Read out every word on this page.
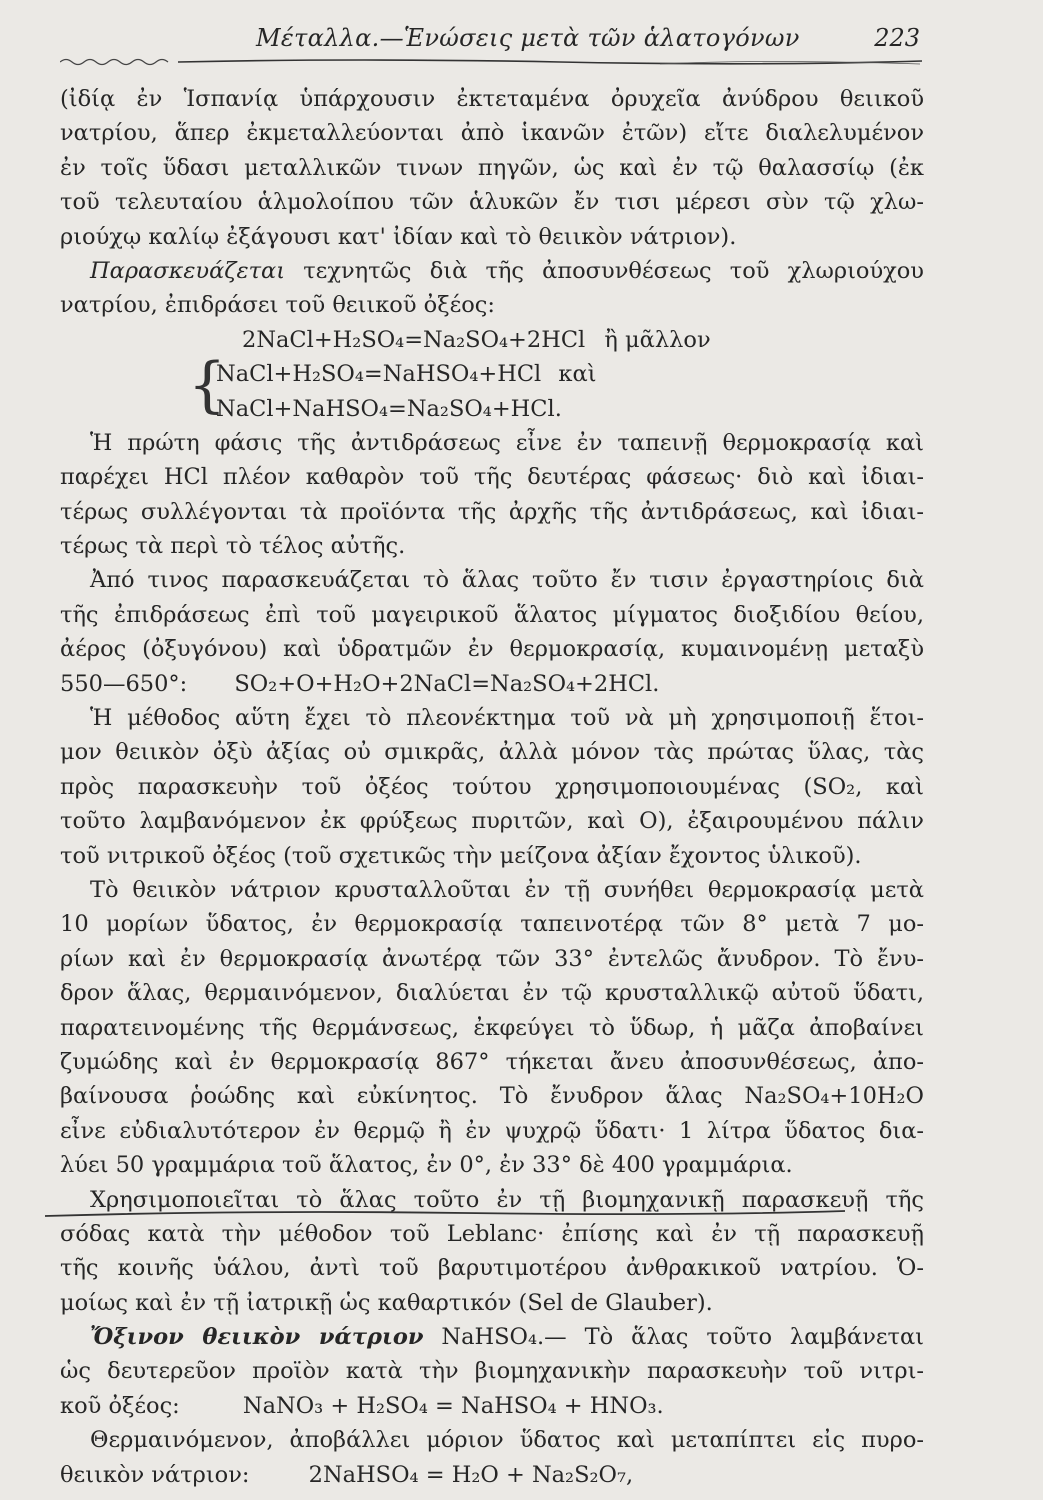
Μέταλλα.—Ἑνώσεις μετὰ τῶν ἁλατογόνων	223
(ἰδίᾳ ἐν Ἱσπανίᾳ ὑπάρχουσιν ἐκτεταμένα ὀρυχεῖα ἀνύδρου θειικοῦ
νατρίου, ἅπερ ἐκμεταλλεύονται ἀπὸ ἱκανῶν ἐτῶν) εἴτε διαλελυμένον
ἐν τοῖς ὕδασι μεταλλικῶν τινων πηγῶν, ὡς καὶ ἐν τῷ θαλασσίῳ (ἐκ
τοῦ τελευταίου ἁλμολοίπου τῶν ἁλυκῶν ἔν τισι μέρεσι σὺν τῷ χλω-
ριούχῳ καλίῳ ἐξάγουσι κατ' ἰδίαν καὶ τὸ θειικὸν νάτριον).
Παρασκευάζεται τεχνητῶς διὰ τῆς ἀποσυνθέσεως τοῦ χλωριούχου
νατρίου, ἐπιδράσει τοῦ θειικοῦ ὀξέος:
2NaCl+H₂SO₄=Na₂SO₄+2HCl ἢ μᾶλλον
{
NaCl+H₂SO₄=NaHSO₄+HCl καὶ
NaCl+NaHSO₄=Na₂SO₄+HCl.
Ἡ πρώτη φάσις τῆς ἀντιδράσεως εἶνε ἐν ταπεινῇ θερμοκρασίᾳ καὶ
παρέχει HCl πλέον καθαρὸν τοῦ τῆς δευτέρας φάσεως· διὸ καὶ ἰδιαι-
τέρως συλλέγονται τὰ προϊόντα τῆς ἀρχῆς τῆς ἀντιδράσεως, καὶ ἰδιαι-
τέρως τὰ περὶ τὸ τέλος αὐτῆς.
Ἀπό τινος παρασκευάζεται τὸ ἅλας τοῦτο ἔν τισιν ἐργαστηρίοις διὰ
τῆς ἐπιδράσεως ἐπὶ τοῦ μαγειρικοῦ ἅλατος μίγματος διοξιδίου θείου,
ἀέρος (ὀξυγόνου) καὶ ὑδρατμῶν ἐν θερμοκρασίᾳ, κυμαινομένῃ μεταξὺ
550—650°: SO₂+O+H₂O+2NaCl=Na₂SO₄+2HCl.
Ἡ μέθοδος αὕτη ἔχει τὸ πλεονέκτημα τοῦ νὰ μὴ χρησιμοποιῇ ἕτοι-
μον θειικὸν ὀξὺ ἀξίας οὐ σμικρᾶς, ἀλλὰ μόνον τὰς πρώτας ὕλας, τὰς
πρὸς παρασκευὴν τοῦ ὀξέος τούτου χρησιμοποιουμένας (SO₂, καὶ
τοῦτο λαμβανόμενον ἐκ φρύξεως πυριτῶν, καὶ O), ἐξαιρουμένου πάλιν
τοῦ νιτρικοῦ ὀξέος (τοῦ σχετικῶς τὴν μείζονα ἀξίαν ἔχοντος ὑλικοῦ).
Τὸ θειικὸν νάτριον κρυσταλλοῦται ἐν τῇ συνήθει θερμοκρασίᾳ μετὰ
10 μορίων ὕδατος, ἐν θερμοκρασίᾳ ταπεινοτέρᾳ τῶν 8° μετὰ 7 μο-
ρίων καὶ ἐν θερμοκρασίᾳ ἀνωτέρᾳ τῶν 33° ἐντελῶς ἄνυδρον. Τὸ ἔνυ-
δρον ἅλας, θερμαινόμενον, διαλύεται ἐν τῷ κρυσταλλικῷ αὐτοῦ ὕδατι,
παρατεινομένης τῆς θερμάνσεως, ἐκφεύγει τὸ ὕδωρ, ἡ μᾶζα ἀποβαίνει
ζυμώδης καὶ ἐν θερμοκρασίᾳ 867° τήκεται ἄνευ ἀποσυνθέσεως, ἀπο-
βαίνουσα ῥοώδης καὶ εὐκίνητος. Τὸ ἔνυδρον ἅλας Na₂SO₄+10H₂O
εἶνε εὐδιαλυτότερον ἐν θερμῷ ἢ ἐν ψυχρῷ ὕδατι· 1 λίτρα ὕδατος δια-
λύει 50 γραμμάρια τοῦ ἅλατος, ἐν 0°, ἐν 33° δὲ 400 γραμμάρια.
Χρησιμοποιεῖται τὸ ἅλας τοῦτο ἐν τῇ βιομηχανικῇ παρασκευῇ τῆς
σόδας κατὰ τὴν μέθοδον τοῦ Leblanc· ἐπίσης καὶ ἐν τῇ παρασκευῇ
τῆς κοινῆς ὑάλου, ἀντὶ τοῦ βαρυτιμοτέρου ἀνθρακικοῦ νατρίου. Ὁ-
μοίως καὶ ἐν τῇ ἰατρικῇ ὡς καθαρτικόν (Sel de Glauber).
Ὄξινον θειικὸν νάτριον NaHSO₄.— Τὸ ἅλας τοῦτο λαμβάνεται
ὡς δευτερεῦον προϊὸν κατὰ τὴν βιομηχανικὴν παρασκευὴν τοῦ νιτρι-
κοῦ ὀξέος:	NaNO₃ + H₂SO₄ = NaHSO₄ + HNO₃.
Θερμαινόμενον, ἀποβάλλει μόριον ὕδατος καὶ μεταπίπτει εἰς πυρο-
θειικὸν νάτριον:	2NaHSO₄ = H₂O + Na₂S₂O₇,
